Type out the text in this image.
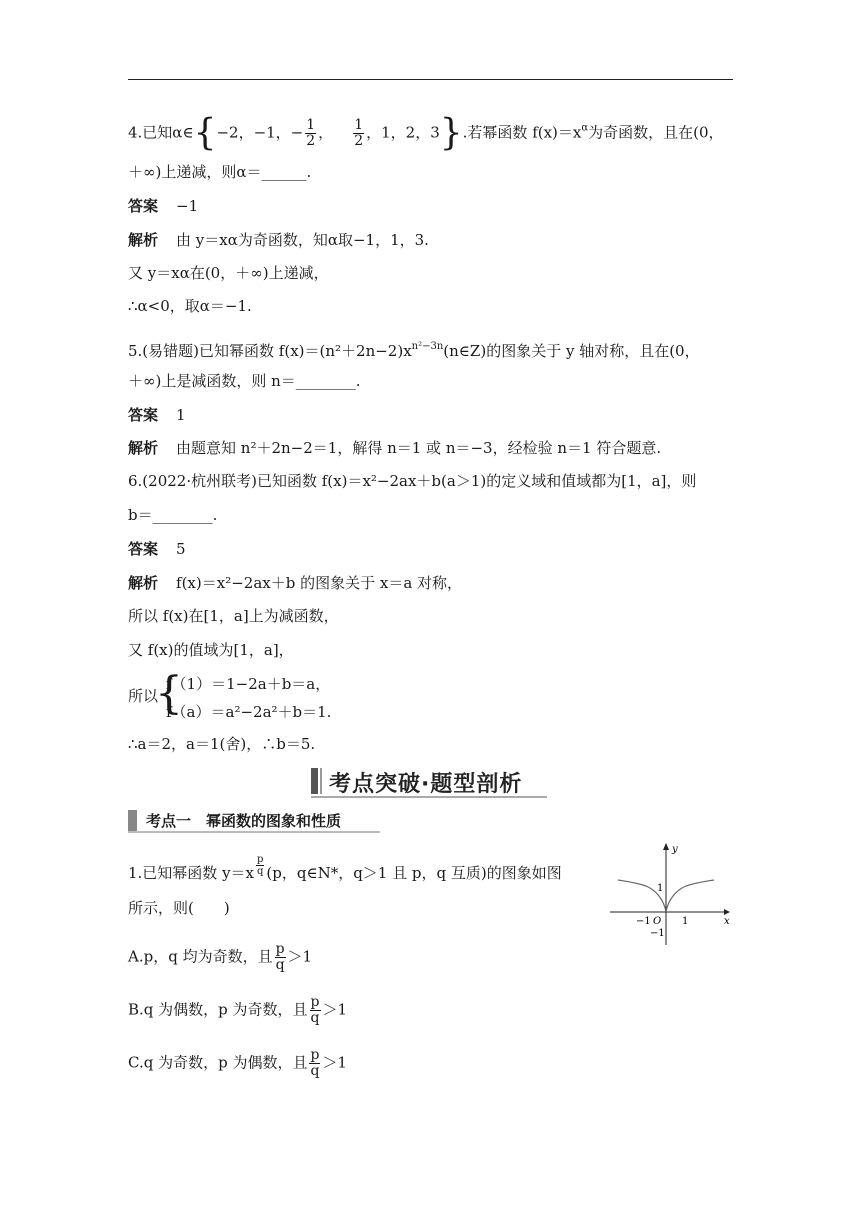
4.已知α∈{−2，−1，− $\frac{1}{2}$ ， $\frac{1}{2}$ ，1，2，3}.若幂函数 $f(x)=x^\alpha$为奇函数，且在(0，
＋∞)上递减，则α＝______.
答案 −1
解析 由 y＝xα为奇函数，知α取−1，1，3.
又 y＝xα在(0，＋∞)上递减，
∴α<0，取α＝−1.
5.(易错题)已知幂函数 $f(x)=(n^2+2n-2)x^{n^2-3n}(n\in Z)$的图象关于 y 轴对称，且在(0，
＋∞)上是减函数，则 n＝________.
答案 1
解析 由题意知 n²＋2n−2＝1，解得 n＝1 或 n＝−3，经检验 n＝1 符合题意.
6.(2022·杭州联考)已知函数 f(x)＝x²−2ax＋b(a＞1)的定义域和值域都为[1，a]，则
b＝________.
答案 5
解析 f(x)＝x²−2ax＋b 的图象关于 x＝a 对称，
所以 f(x)在[1，a]上为减函数，
又 f(x)的值域为[1，a]，
所以
{
f（1）＝1−2a＋b＝a，
f（a）＝a²−2a²＋b＝1.
∴a＝2，a＝1(舍)，∴b＝5.
考点突破·题型剖析
考点一　幂函数的图象和性质
1.已知幂函数 $y=x \frac{p}{q} (p$，q∈N*，q＞1 且 p，q 互质)的图象如图
所示，则(　　)
A.p，q 均为奇数，且 $\frac{p}{q} >1$
B.q 为偶数，p 为奇数，且 $\frac{p}{q} >1$
C.q 为奇数，p 为偶数，且 $\frac{p}{q} >1$
y
x
O
1
1
−1
−1
